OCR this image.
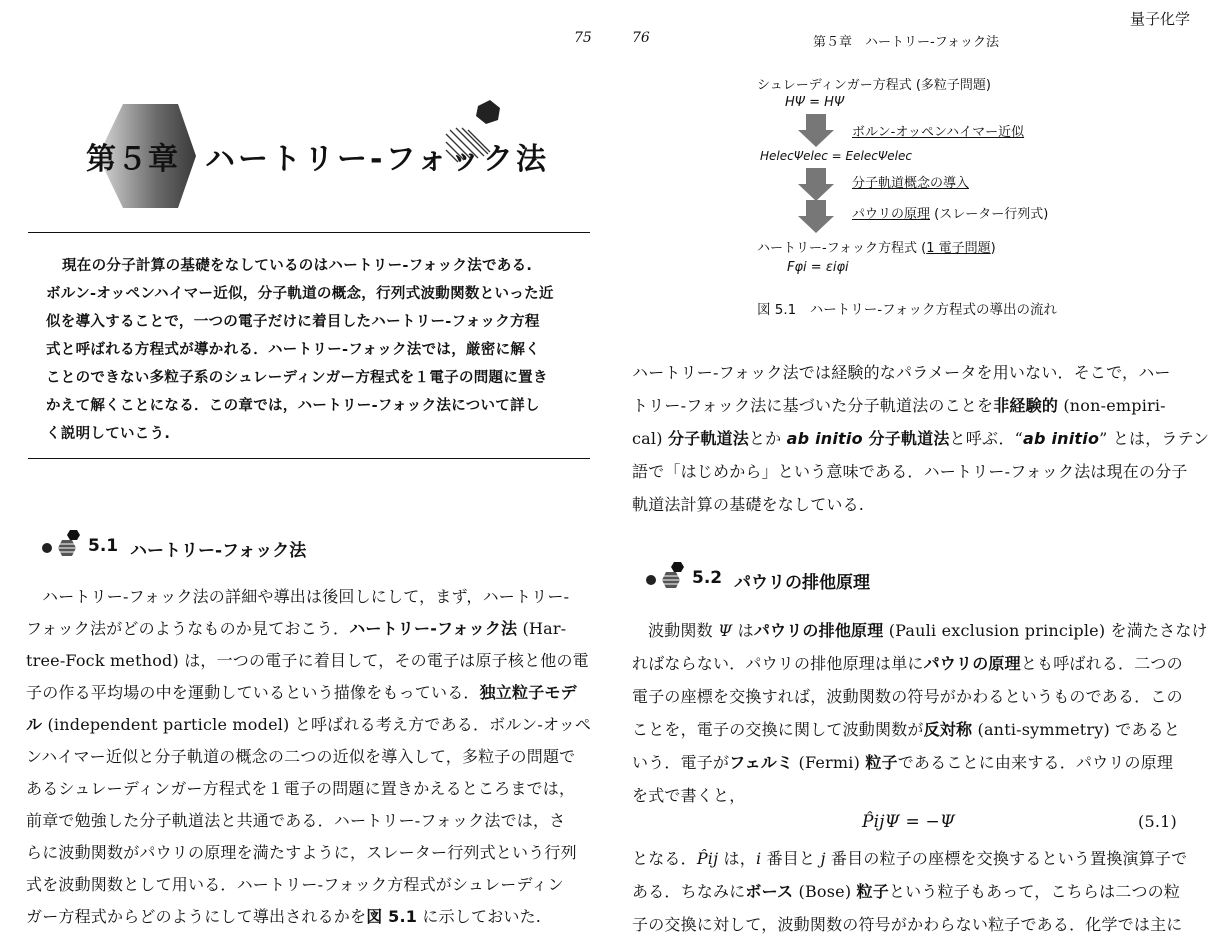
75
第５章 ハートリー-フォック法
現在の分子計算の基礎をなしているのはハートリー-フォック法である.
ボルン-オッペンハイマー近似，分子軌道の概念，行列式波動関数といった近
似を導入することで，一つの電子だけに着目したハートリー-フォック方程
式と呼ばれる方程式が導かれる．ハートリー-フォック法では，厳密に解く
ことのできない多粒子系のシュレーディンガー方程式を１電子の問題に置き
かえて解くことになる．この章では，ハートリー-フォック法について詳し
く説明していこう.
5.1 ハートリー-フォック法
ハートリー-フォック法の詳細や導出は後回しにして，まず，ハートリー-
フォック法がどのようなものか見ておこう．ハートリー-フォック法 (Har-
tree-Fock method) は，一つの電子に着目して，その電子は原子核と他の電
子の作る平均場の中を運動しているという描像をもっている．独立粒子モデ
ル (independent particle model) と呼ばれる考え方である．ボルン-オッペ
ンハイマー近似と分子軌道の概念の二つの近似を導入して，多粒子の問題で
あるシュレーディンガー方程式を１電子の問題に置きかえるところまでは，
前章で勉強した分子軌道法と共通である．ハートリー-フォック法では，さ
らに波動関数がパウリの原理を満たすように，スレーター行列式という行列
式を波動関数として用いる．ハートリー-フォック方程式がシュレーディン
ガー方程式からどのようにして導出されるかを図 5.1 に示しておいた.
量子化学
76	第５章　ハートリー-フォック法
シュレーディンガー方程式 (多粒子問題)
HΨ = HΨ
ボルン-オッペンハイマー近似
HelecΨelec = EelecΨelec
分子軌道概念の導入
パウリの原理 (スレーター行列式)
ハートリー-フォック方程式 (1 電子問題)
Fφi = εiφi
図 5.1　ハートリー-フォック方程式の導出の流れ
ハートリー-フォック法では経験的なパラメータを用いない．そこで，ハー
トリー-フォック法に基づいた分子軌道法のことを非経験的 (non-empiri-
cal) 分子軌道法とか ab initio 分子軌道法と呼ぶ．“ab initio” とは，ラテン
語で「はじめから」という意味である．ハートリー-フォック法は現在の分子
軌道法計算の基礎をなしている.
5.2 パウリの排他原理
波動関数 Ψ はパウリの排他原理 (Pauli exclusion principle) を満たさなけ
ればならない．パウリの排他原理は単にパウリの原理とも呼ばれる．二つの
電子の座標を交換すれば，波動関数の符号がかわるというものである．この
ことを，電子の交換に関して波動関数が反対称 (anti-symmetry) であると
いう．電子がフェルミ (Fermi) 粒子であることに由来する．パウリの原理
を式で書くと，
P̂ijΨ = −Ψ	(5.1)
となる．P̂ij は，i 番目と j 番目の粒子の座標を交換するという置換演算子で
ある．ちなみにボース (Bose) 粒子という粒子もあって，こちらは二つの粒
子の交換に対して，波動関数の符号がかわらない粒子である．化学では主に
